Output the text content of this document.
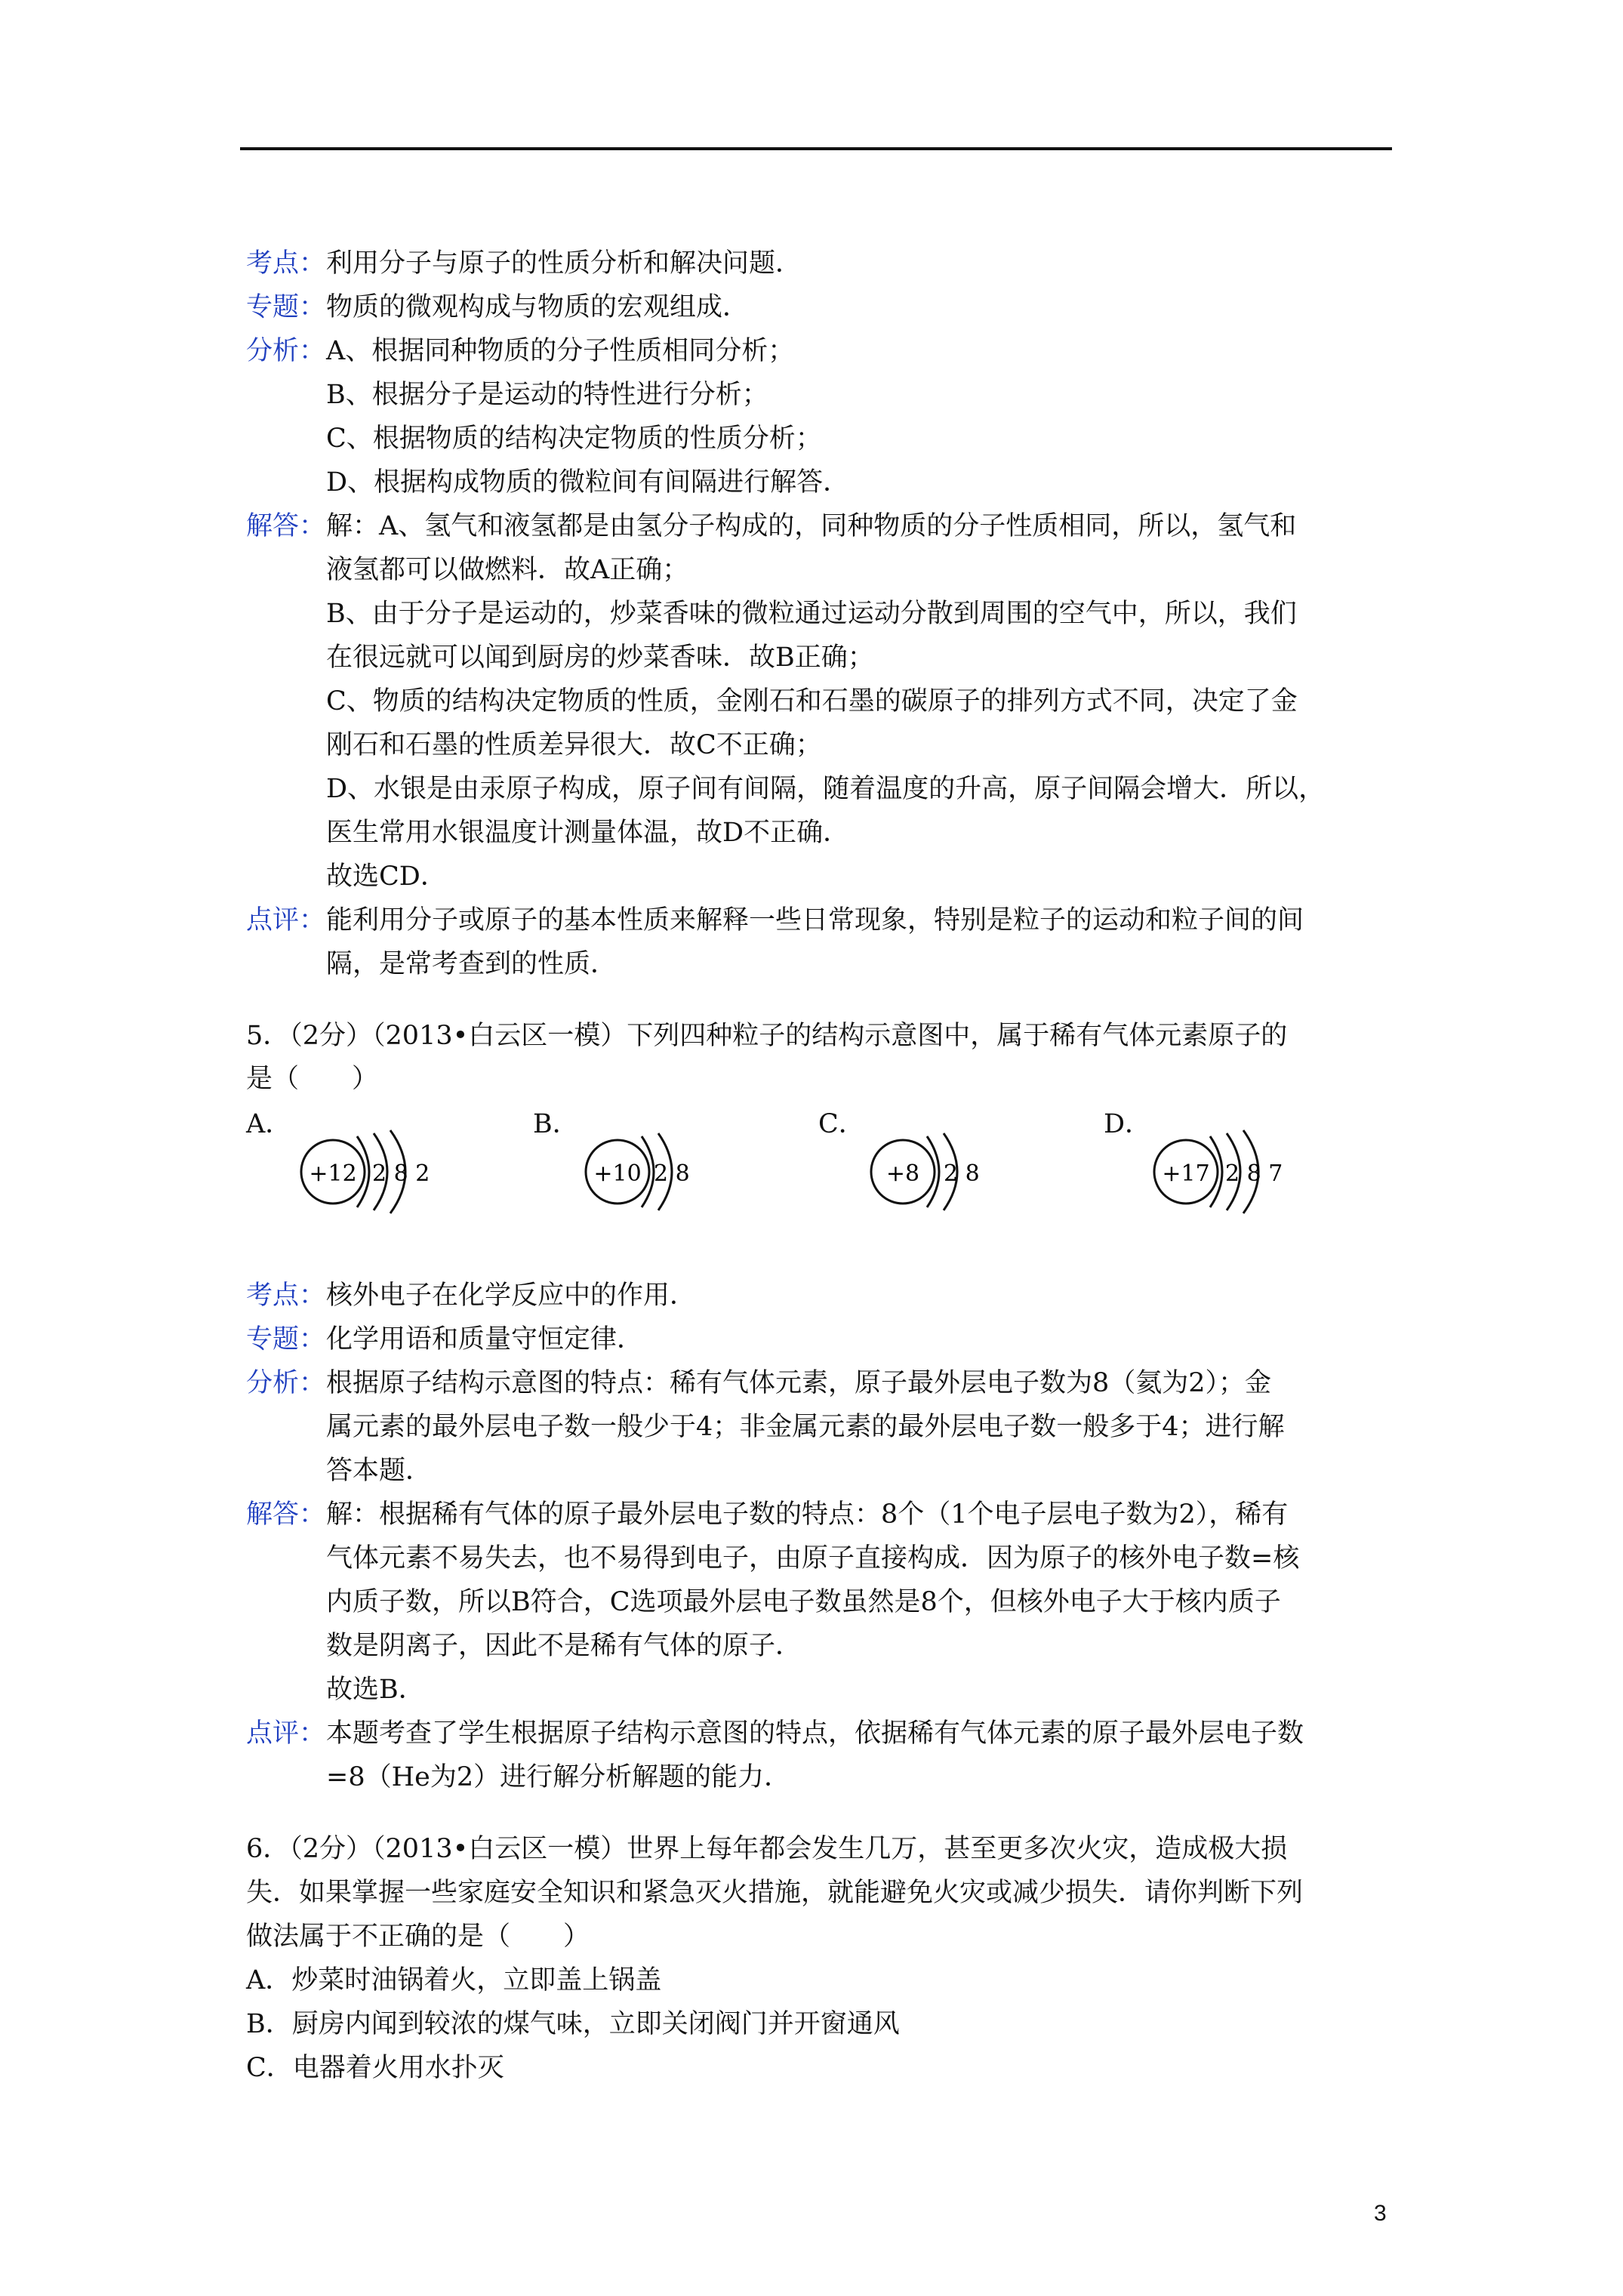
考点： 利用分子与原子的性质分析和解决问题．
专题： 物质的微观构成与物质的宏观组成．
分析： A、根据同种物质的分子性质相同分析；
B、根据分子是运动的特性进行分析；
C、根据物质的结构决定物质的性质分析；
D、根据构成物质的微粒间有间隔进行解答．
解答： 解：A、氢气和液氢都是由氢分子构成的，同种物质的分子性质相同，所以，氢气和
液氢都可以做燃料．故A正确；
B、由于分子是运动的，炒菜香味的微粒通过运动分散到周围的空气中，所以，我们
在很远就可以闻到厨房的炒菜香味．故B正确；
C、物质的结构决定物质的性质，金刚石和石墨的碳原子的排列方式不同，决定了金
刚石和石墨的性质差异很大．故C不正确；
D、水银是由汞原子构成，原子间有间隔，随着温度的升高，原子间隔会增大．所以，
医生常用水银温度计测量体温，故D不正确．
故选CD．
点评： 能利用分子或原子的基本性质来解释一些日常现象，特别是粒子的运动和粒子间的间
隔，是常考查到的性质．
5．（2分）（2013•白云区一模）下列四种粒子的结构示意图中，属于稀有气体元素原子的
是（　　）
A．	B．	C．	D．
+12 2 8 2	+10 2 8	+8 2 8	+17 2 8 7
考点： 核外电子在化学反应中的作用．
专题： 化学用语和质量守恒定律．
分析： 根据原子结构示意图的特点：稀有气体元素，原子最外层电子数为8（氦为2）；金
属元素的最外层电子数一般少于4；非金属元素的最外层电子数一般多于4；进行解
答本题．
解答： 解：根据稀有气体的原子最外层电子数的特点：8个（1个电子层电子数为2），稀有
气体元素不易失去，也不易得到电子，由原子直接构成．因为原子的核外电子数=核
内质子数，所以B符合，C选项最外层电子数虽然是8个，但核外电子大于核内质子
数是阴离子，因此不是稀有气体的原子．
故选B．
点评： 本题考查了学生根据原子结构示意图的特点，依据稀有气体元素的原子最外层电子数
=8（He为2）进行解分析解题的能力．
6．（2分）（2013•白云区一模）世界上每年都会发生几万，甚至更多次火灾，造成极大损
失．如果掌握一些家庭安全知识和紧急灭火措施，就能避免火灾或减少损失．请你判断下列
做法属于不正确的是（　　）
A．炒菜时油锅着火，立即盖上锅盖
B．厨房内闻到较浓的煤气味，立即关闭阀门并开窗通风
C．电器着火用水扑灭
3
